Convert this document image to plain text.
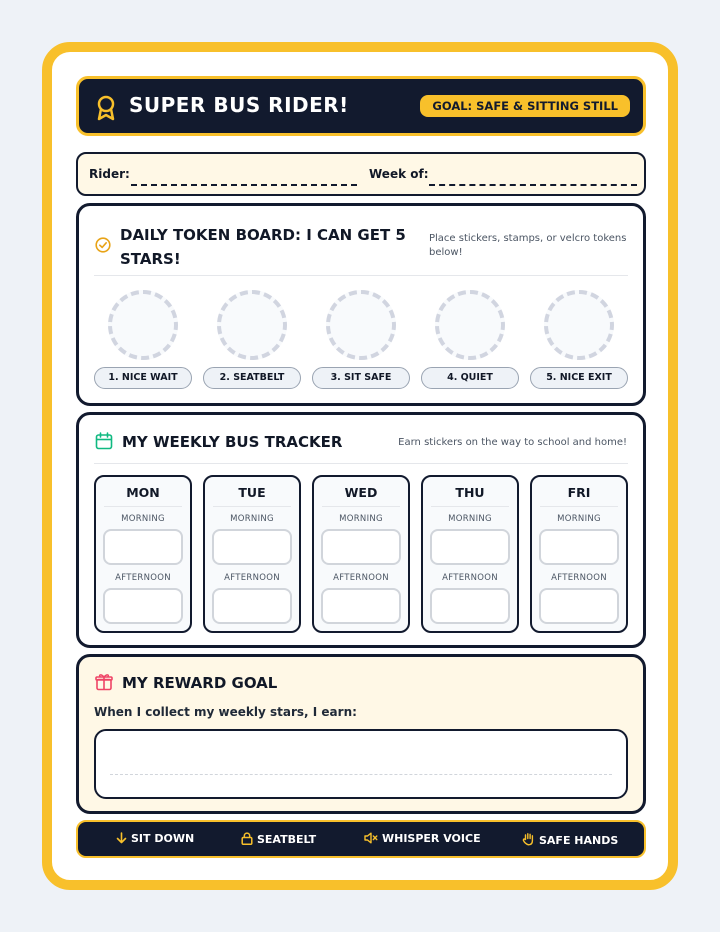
SUPER BUS RIDER!	GOAL: SAFE & SITTING STILL
Rider:	Week of:
DAILY TOKEN BOARD: I CAN GET 5 STARS!
Place stickers, stamps, or velcro tokens below!
1. NICE WAIT	2. SEATBELT	3. SIT SAFE	4. QUIET	5. NICE EXIT
MY WEEKLY BUS TRACKER	Earn stickers on the way to school and home!
MON
MORNING
AFTERNOON
TUE
MORNING
AFTERNOON
WED
MORNING
AFTERNOON
THU
MORNING
AFTERNOON
FRI
MORNING
AFTERNOON
MY REWARD GOAL
When I collect my weekly stars, I earn:
SIT DOWN	SEATBELT	WHISPER VOICE	SAFE HANDS
